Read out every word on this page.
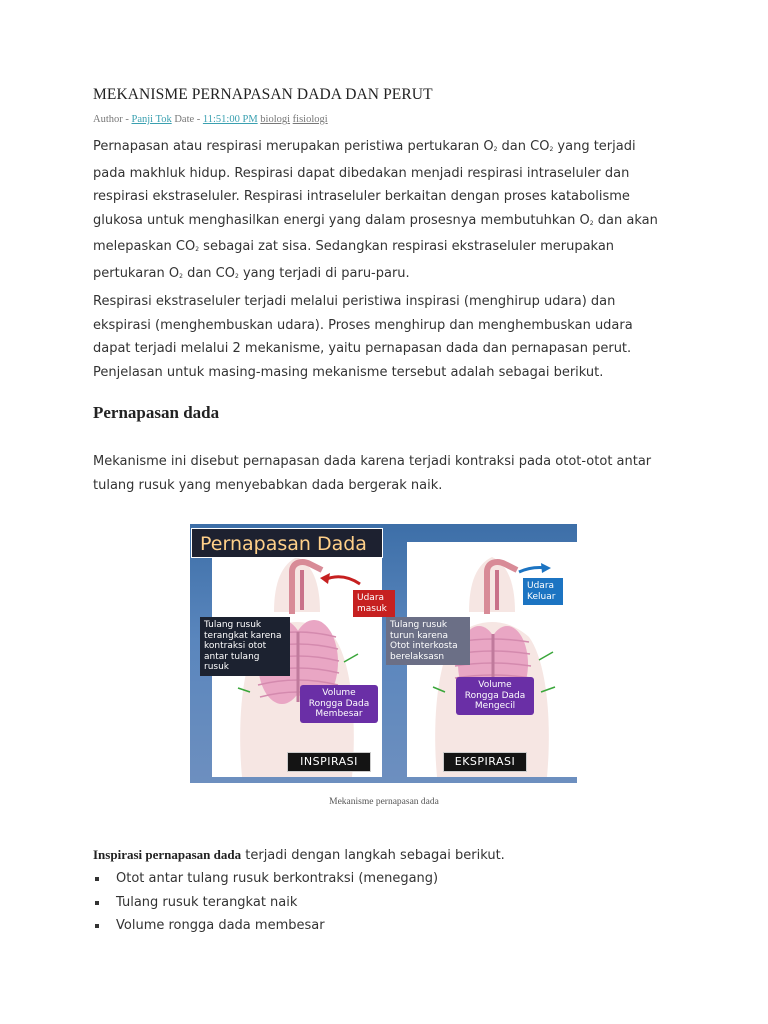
MEKANISME PERNAPASAN DADA DAN PERUT
Author - Panji Tok Date - 11:51:00 PM biologi fisiologi

Pernapasan atau respirasi merupakan peristiwa pertukaran $O_2$ dan $CO_2$ yang terjadi pada makhluk hidup. Respirasi dapat dibedakan menjadi respirasi intraseluler dan respirasi ekstraseluler. Respirasi intraseluler berkaitan dengan proses katabolisme glukosa untuk menghasilkan energi yang dalam prosesnya membutuhkan $O_2$ dan akan melepaskan $CO_2$ sebagai zat sisa. Sedangkan respirasi ekstraseluler merupakan pertukaran $O_2$ dan $CO_2$ yang terjadi di paru-paru.

Respirasi ekstraseluler terjadi melalui peristiwa inspirasi (menghirup udara) dan ekspirasi (menghembuskan udara). Proses menghirup dan menghembuskan udara dapat terjadi melalui 2 mekanisme, yaitu pernapasan dada dan pernapasan perut. Penjelasan untuk masing-masing mekanisme tersebut adalah sebagai berikut.

Pernapasan dada

Mekanisme ini disebut pernapasan dada karena terjadi kontraksi pada otot-otot antar tulang rusuk yang menyebabkan dada bergerak naik.

Pernapasan Dada
Udara masuk
Tulang rusuk terangkat karena kontraksi otot antar tulang rusuk
Volume Rongga Dada Membesar
INSPIRASI
Udara Keluar
Tulang rusuk turun karena Otot interkosta berelaksasn
Volume Rongga Dada Mengecil
EKSPIRASI
Mekanisme pernapasan dada

Inspirasi pernapasan dada terjadi dengan langkah sebagai berikut.

Otot antar tulang rusuk berkontraksi (menegang)
Tulang rusuk terangkat naik
Volume rongga dada membesar
